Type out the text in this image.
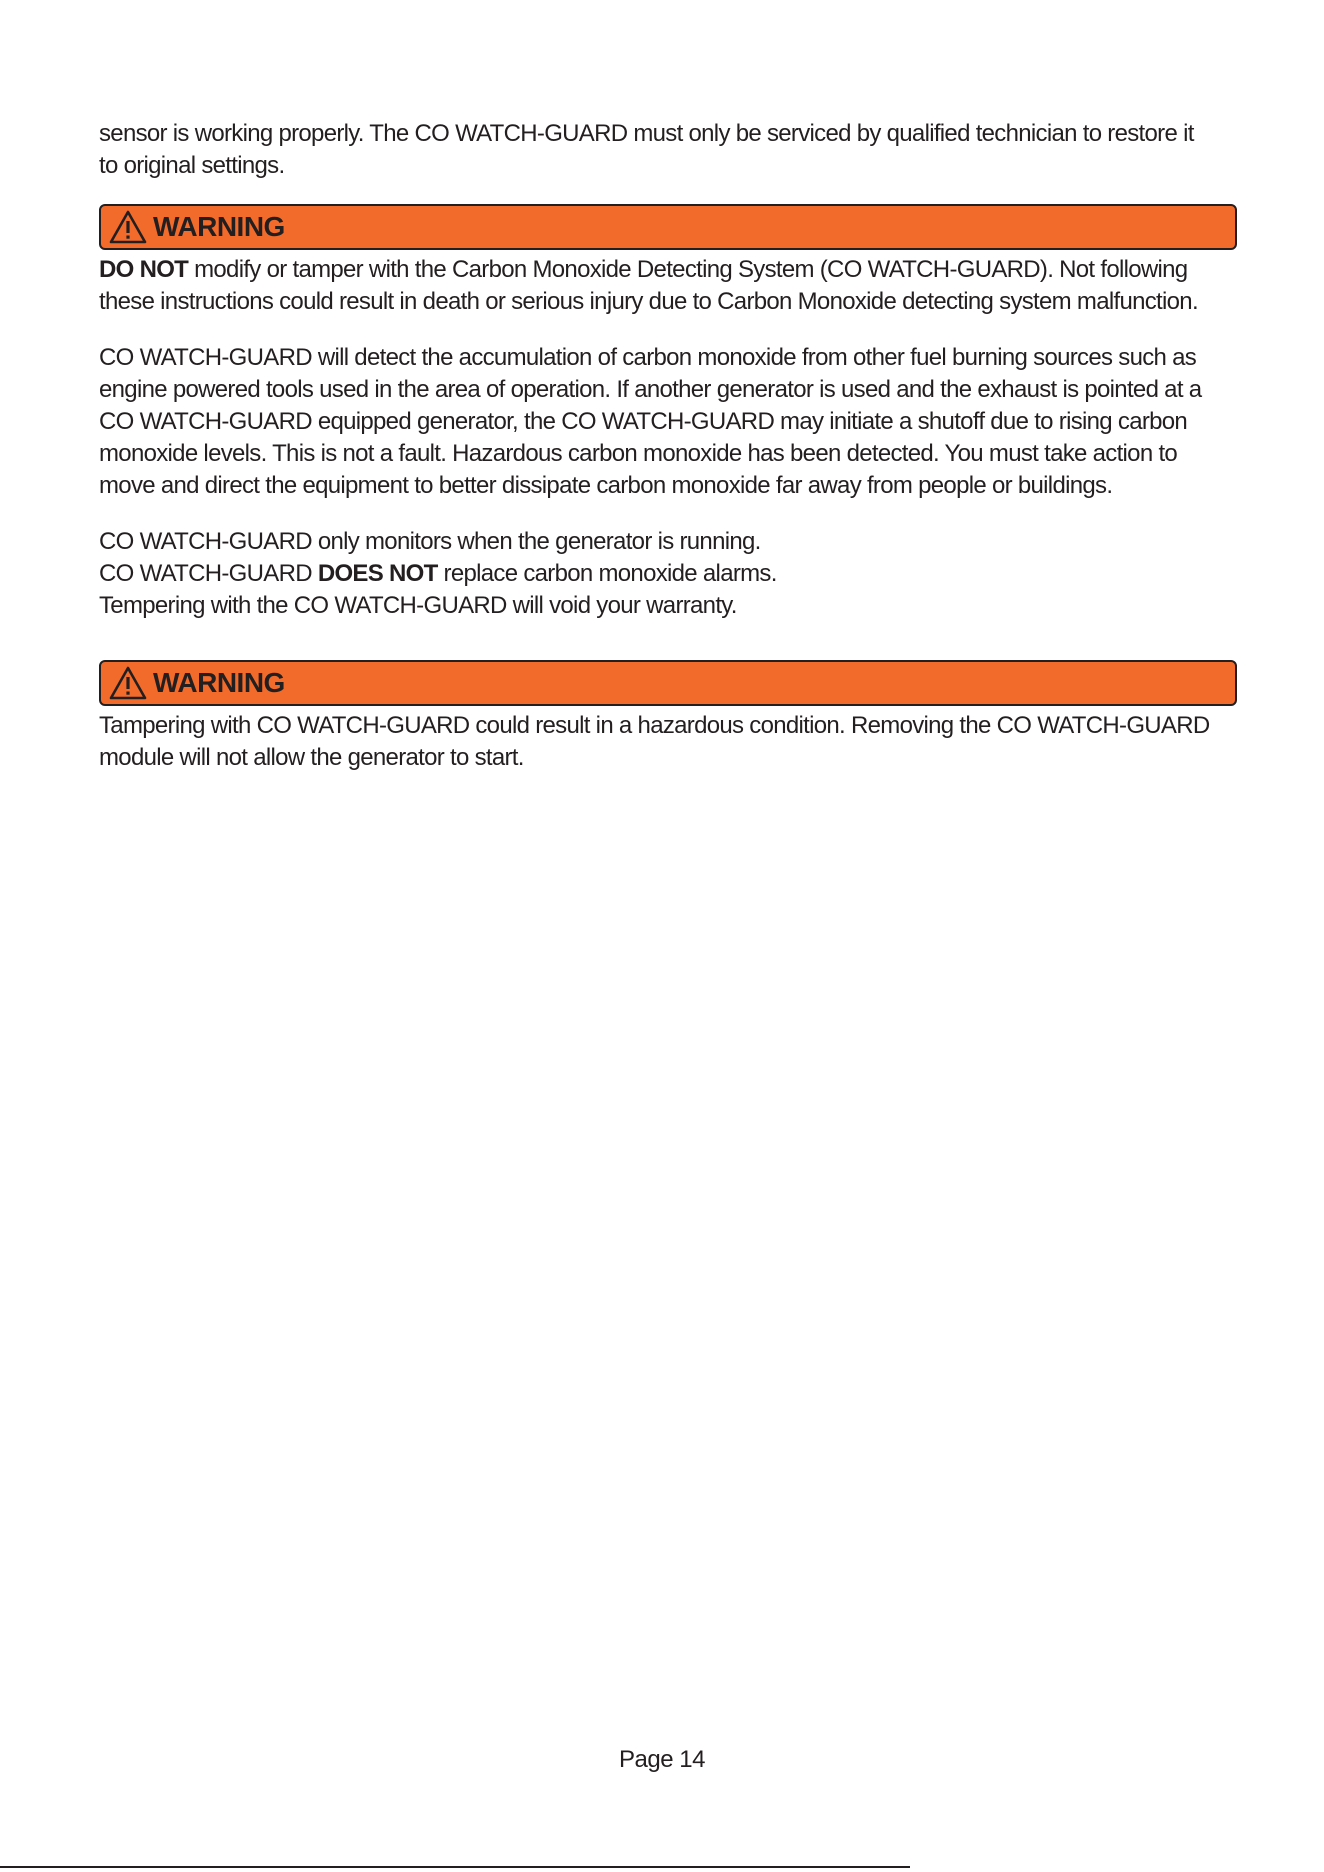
sensor is working properly. The CO WATCH-GUARD must only be serviced by qualified technician to restore it

to original settings.

WARNING

DO NOT modify or tamper with the Carbon Monoxide Detecting System (CO WATCH-GUARD). Not following

these instructions could result in death or serious injury due to Carbon Monoxide detecting system malfunction.

CO WATCH-GUARD will detect the accumulation of carbon monoxide from other fuel burning sources such as

engine powered tools used in the area of operation. If another generator is used and the exhaust is pointed at a

CO WATCH-GUARD equipped generator, the CO WATCH-GUARD may initiate a shutoff due to rising carbon

monoxide levels. This is not a fault. Hazardous carbon monoxide has been detected. You must take action to

move and direct the equipment to better dissipate carbon monoxide far away from people or buildings.

CO WATCH-GUARD only monitors when the generator is running.

CO WATCH-GUARD DOES NOT replace carbon monoxide alarms.

Tempering with the CO WATCH-GUARD will void your warranty.

WARNING

Tampering with CO WATCH-GUARD could result in a hazardous condition. Removing the CO WATCH-GUARD

module will not allow the generator to start.

Page 14
